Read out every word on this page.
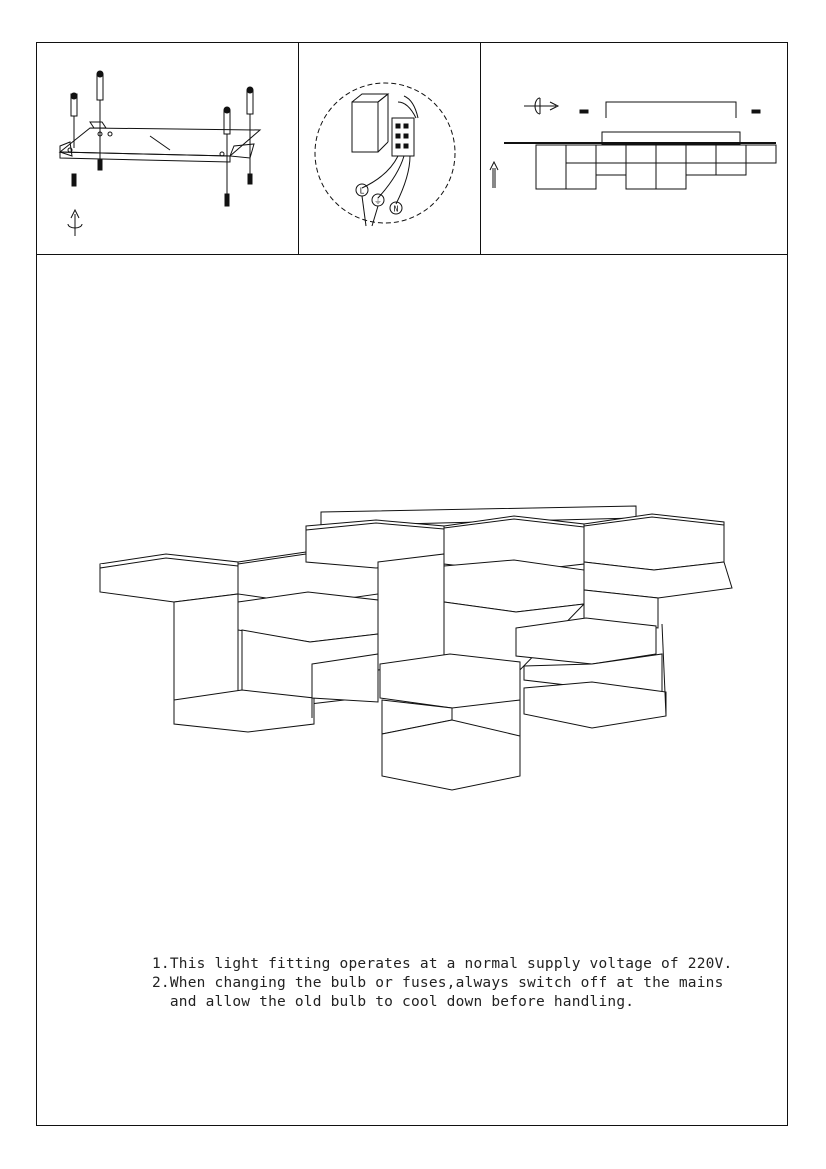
L
⏚
N
1.This light fitting operates at a normal supply voltage of 220V.
2.When changing the bulb or fuses,always switch off at the mains
and allow the old bulb to cool down before handling.
